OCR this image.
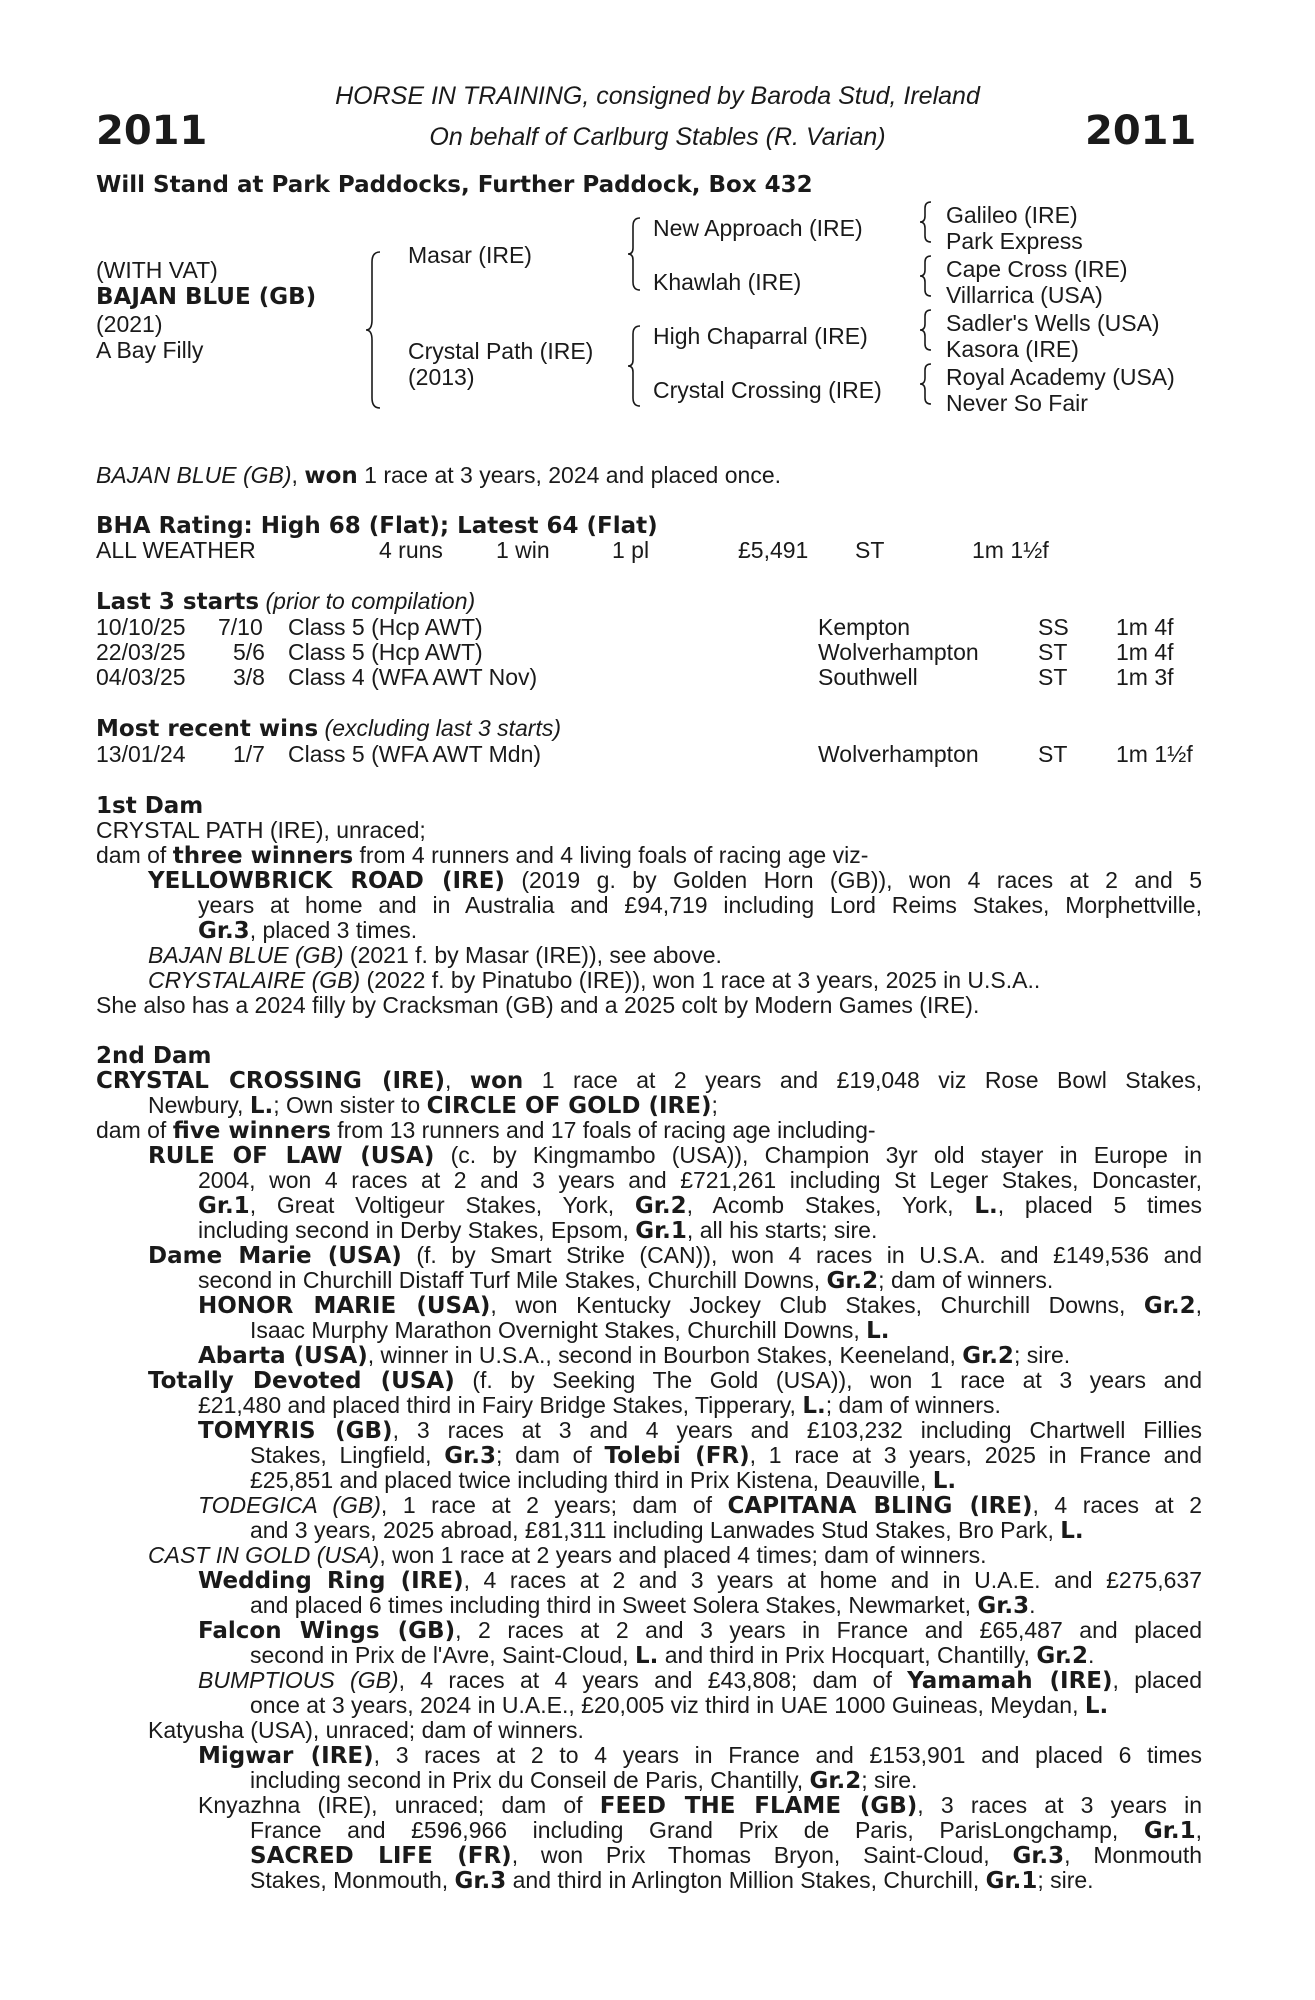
2011	2011
HORSE IN TRAINING, consigned by Baroda Stud, Ireland
On behalf of Carlburg Stables (R. Varian)
Will Stand at Park Paddocks, Further Paddock, Box 432
(WITH VAT)
BAJAN BLUE (GB)
(2021)
A Bay Filly
Masar (IRE)
Crystal Path (IRE)
(2013)
New Approach (IRE)
Khawlah (IRE)
High Chaparral (IRE)
Crystal Crossing (IRE)
Galileo (IRE)
Park Express
Cape Cross (IRE)
Villarrica (USA)
Sadler's Wells (USA)
Kasora (IRE)
Royal Academy (USA)
Never So Fair
BAJAN BLUE (GB), won 1 race at 3 years, 2024 and placed once.
BHA Rating: High 68 (Flat); Latest 64 (Flat)
ALL WEATHER	4 runs 1 win	1 pl	£5,491 ST	1m 1½f
Last 3 starts (prior to compilation)
10/10/25 7/10 Class 5 (Hcp AWT)	Kempton	SS 1m 4f
22/03/25 5/6 Class 5 (Hcp AWT)	Wolverhampton	ST 1m 4f
04/03/25 3/8 Class 4 (WFA AWT Nov)	Southwell	ST 1m 3f
Most recent wins (excluding last 3 starts)
13/01/24 1/7 Class 5 (WFA AWT Mdn)	Wolverhampton	ST 1m 1½f
1st Dam
CRYSTAL PATH (IRE), unraced;
dam of three winners from 4 runners and 4 living foals of racing age viz-
YELLOWBRICK ROAD (IRE) (2019 g. by Golden Horn (GB)), won 4 races at 2 and 5
years at home and in Australia and £94,719 including Lord Reims Stakes, Morphettville,
Gr.3, placed 3 times.
BAJAN BLUE (GB) (2021 f. by Masar (IRE)), see above.
CRYSTALAIRE (GB) (2022 f. by Pinatubo (IRE)), won 1 race at 3 years, 2025 in U.S.A..
She also has a 2024 filly by Cracksman (GB) and a 2025 colt by Modern Games (IRE).
2nd Dam
CRYSTAL CROSSING (IRE), won 1 race at 2 years and £19,048 viz Rose Bowl Stakes,
Newbury, L.; Own sister to CIRCLE OF GOLD (IRE);
dam of five winners from 13 runners and 17 foals of racing age including-
RULE OF LAW (USA) (c. by Kingmambo (USA)), Champion 3yr old stayer in Europe in
2004, won 4 races at 2 and 3 years and £721,261 including St Leger Stakes, Doncaster,
Gr.1, Great Voltigeur Stakes, York, Gr.2, Acomb Stakes, York, L., placed 5 times
including second in Derby Stakes, Epsom, Gr.1, all his starts; sire.
Dame Marie (USA) (f. by Smart Strike (CAN)), won 4 races in U.S.A. and £149,536 and
second in Churchill Distaff Turf Mile Stakes, Churchill Downs, Gr.2; dam of winners.
HONOR MARIE (USA), won Kentucky Jockey Club Stakes, Churchill Downs, Gr.2,
Isaac Murphy Marathon Overnight Stakes, Churchill Downs, L.
Abarta (USA), winner in U.S.A., second in Bourbon Stakes, Keeneland, Gr.2; sire.
Totally Devoted (USA) (f. by Seeking The Gold (USA)), won 1 race at 3 years and
£21,480 and placed third in Fairy Bridge Stakes, Tipperary, L.; dam of winners.
TOMYRIS (GB), 3 races at 3 and 4 years and £103,232 including Chartwell Fillies
Stakes, Lingfield, Gr.3; dam of Tolebi (FR), 1 race at 3 years, 2025 in France and
£25,851 and placed twice including third in Prix Kistena, Deauville, L.
TODEGICA (GB), 1 race at 2 years; dam of CAPITANA BLING (IRE), 4 races at 2
and 3 years, 2025 abroad, £81,311 including Lanwades Stud Stakes, Bro Park, L.
CAST IN GOLD (USA), won 1 race at 2 years and placed 4 times; dam of winners.
Wedding Ring (IRE), 4 races at 2 and 3 years at home and in U.A.E. and £275,637
and placed 6 times including third in Sweet Solera Stakes, Newmarket, Gr.3.
Falcon Wings (GB), 2 races at 2 and 3 years in France and £65,487 and placed
second in Prix de l'Avre, Saint-Cloud, L. and third in Prix Hocquart, Chantilly, Gr.2.
BUMPTIOUS (GB), 4 races at 4 years and £43,808; dam of Yamamah (IRE), placed
once at 3 years, 2024 in U.A.E., £20,005 viz third in UAE 1000 Guineas, Meydan, L.
Katyusha (USA), unraced; dam of winners.
Migwar (IRE), 3 races at 2 to 4 years in France and £153,901 and placed 6 times
including second in Prix du Conseil de Paris, Chantilly, Gr.2; sire.
Knyazhna (IRE), unraced; dam of FEED THE FLAME (GB), 3 races at 3 years in
France and £596,966 including Grand Prix de Paris, ParisLongchamp, Gr.1,
SACRED LIFE (FR), won Prix Thomas Bryon, Saint-Cloud, Gr.3, Monmouth
Stakes, Monmouth, Gr.3 and third in Arlington Million Stakes, Churchill, Gr.1; sire.
